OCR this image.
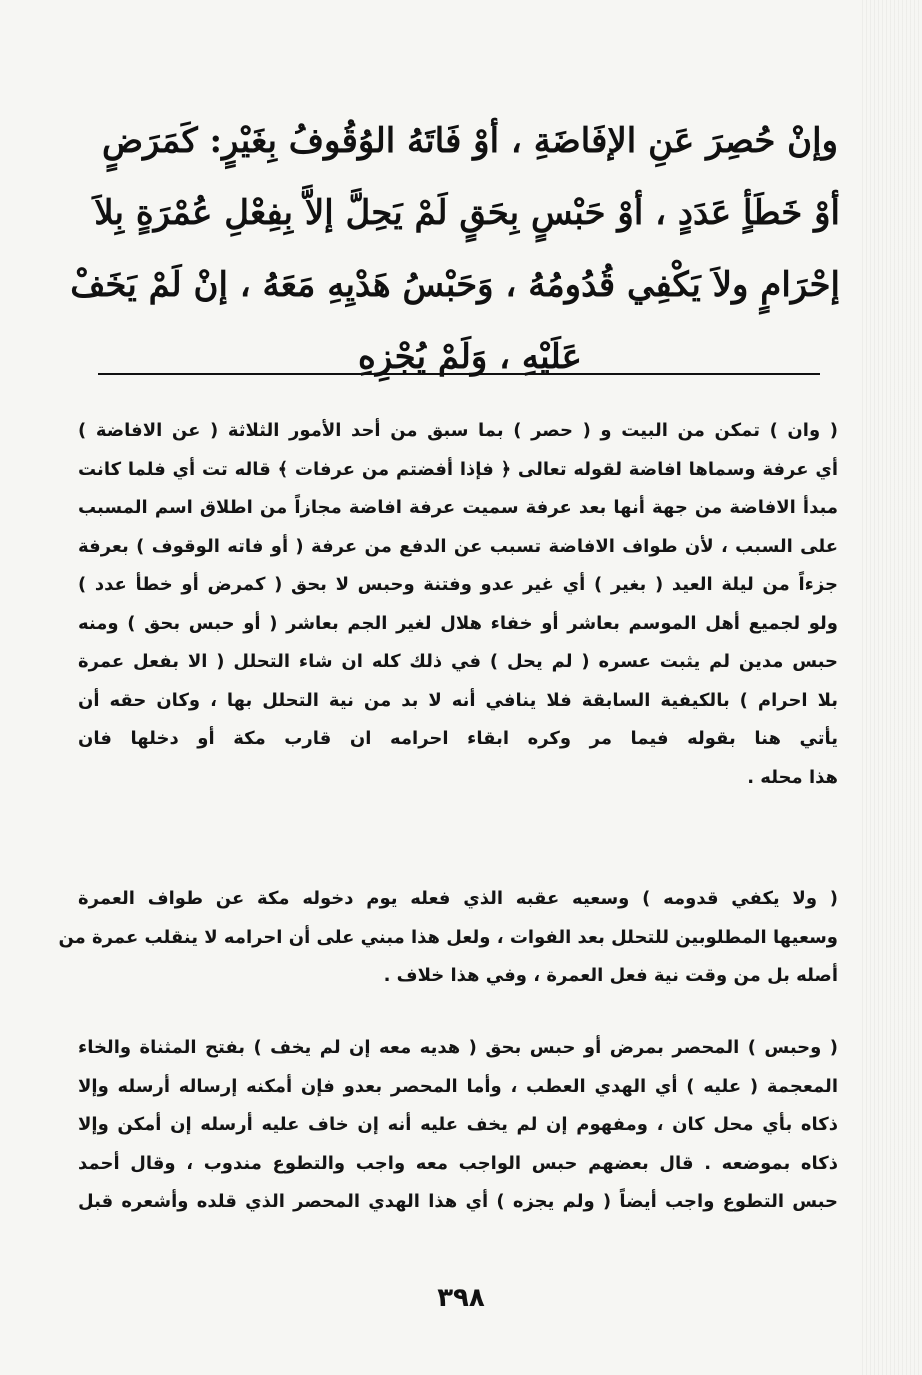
وإنْ حُصِرَ عَنِ الإفَاضَةِ ، أوْ فَاتَهُ الوُقُوفُ بِغَيْرٍ: كَمَرَضٍ
أوْ خَطَأٍ عَدَدٍ ، أوْ حَبْسٍ بِحَقٍ لَمْ يَحِلَّ إلاَّ بِفِعْلِ عُمْرَةٍ بِلاَ
إحْرَامٍ ولاَ يَكْفِي قُدُومُهُ ، وَحَبْسُ هَدْيِهِ مَعَهُ ، إنْ لَمْ يَخَفْ
عَلَيْهِ ، وَلَمْ يُجْزِهِ
( وان ) تمكن من البيت و ( حصر ) بما سبق من أحد الأمور الثلاثة ( عن الافاضة )
أي عرفة وسماها افاضة لقوله تعالى ﴿ فإذا أفضتم من عرفات ﴾ قاله تت أي فلما كانت
مبدأ الافاضة من جهة أنها بعد عرفة سميت عرفة افاضة مجازاً من اطلاق اسم المسبب
على السبب ، لأن طواف الافاضة تسبب عن الدفع من عرفة ( أو فاته الوقوف ) بعرفة
جزءاً من ليلة العيد ( بغير ) أي غير عدو وفتنة وحبس لا بحق ( كمرض أو خطأ عدد )
ولو لجميع أهل الموسم بعاشر أو خفاء هلال لغير الجم بعاشر ( أو حبس بحق ) ومنه
حبس مدين لم يثبت عسره ( لم يحل ) في ذلك كله ان شاء التحلل ( الا بفعل عمرة
بلا احرام ) بالكيفية السابقة فلا ينافي أنه لا بد من نية التحلل بها ، وكان حقه أن
يأتي هنا بقوله فيما مر وكره ابقاء احرامه ان قارب مكة أو دخلها فان
هذا محله .
( ولا يكفي قدومه ) وسعيه عقبه الذي فعله يوم دخوله مكة عن طواف العمرة
وسعيها المطلوبين للتحلل بعد الفوات ، ولعل هذا مبني على أن احرامه لا ينقلب عمرة من
أصله بل من وقت نية فعل العمرة ، وفي هذا خلاف .
( وحبس ) المحصر بمرض أو حبس بحق ( هديه معه إن لم يخف ) بفتح المثناة والخاء
المعجمة ( عليه ) أي الهدي العطب ، وأما المحصر بعدو فإن أمكنه إرساله أرسله وإلا
ذكاه بأي محل كان ، ومفهوم إن لم يخف عليه أنه إن خاف عليه أرسله إن أمكن وإلا
ذكاه بموضعه . قال بعضهم حبس الواجب معه واجب والتطوع مندوب ، وقال أحمد
حبس التطوع واجب أيضاً ( ولم يجزه ) أي هذا الهدي المحصر الذي قلده وأشعره قبل
٣٩٨
